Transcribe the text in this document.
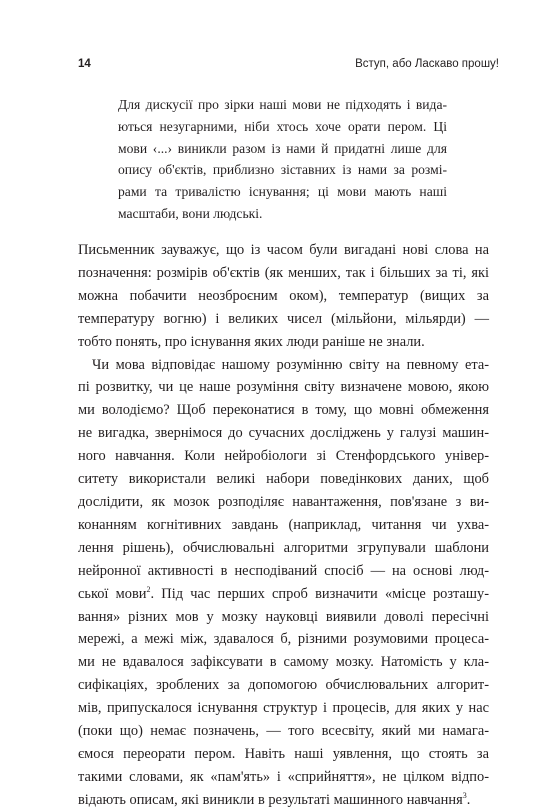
14	Вступ, або Ласкаво прошу!
Для дискусії про зірки наші мови не підходять і вида-
ються незугарними, ніби хтось хоче орати пером. Ці
мови ‹...› виникли разом із нами й придатні лише для
опису об'єктів, приблизно зіставних із нами за розмі-
рами та тривалістю існування; ці мови мають наші
масштаби, вони людські.
Письменник зауважує, що із часом були вигадані нові слова на
позначення: розмірів об'єктів (як менших, так і більших за ті, які
можна побачити неозброєним оком), температур (вищих за
температуру вогню) і великих чисел (мільйони, мільярди) —
тобто понять, про існування яких люди раніше не знали.
Чи мова відповідає нашому розумінню світу на певному ета-
пі розвитку, чи це наше розуміння світу визначене мовою, якою
ми володіємо? Щоб переконатися в тому, що мовні обмеження
не вигадка, звернімося до сучасних досліджень у галузі машин-
ного навчання. Коли нейробіологи зі Стенфордського універ-
ситету використали великі набори поведінкових даних, щоб
дослідити, як мозок розподіляє навантаження, пов'язане з ви-
конанням когнітивних завдань (наприклад, читання чи ухва-
лення рішень), обчислювальні алгоритми згрупували шаблони
нейронної активності в несподіваний спосіб — на основі люд-
ської мови$^2$. Під час перших спроб визначити «місце розташу-
вання» різних мов у мозку науковці виявили доволі пересічні
мережі, а межі між, здавалося б, різними розумовими процеса-
ми не вдавалося зафіксувати в самому мозку. Натомість у кла-
сифікаціях, зроблених за допомогою обчислювальних алгорит-
мів, припускалося існування структур і процесів, для яких у нас
(поки що) немає позначень, — того всесвіту, який ми намага-
ємося переорати пером. Навіть наші уявлення, що стоять за
такими словами, як «пам'ять» і «сприйняття», не цілком відпо-
відають описам, які виникли в результаті машинного навчання$^3$.
